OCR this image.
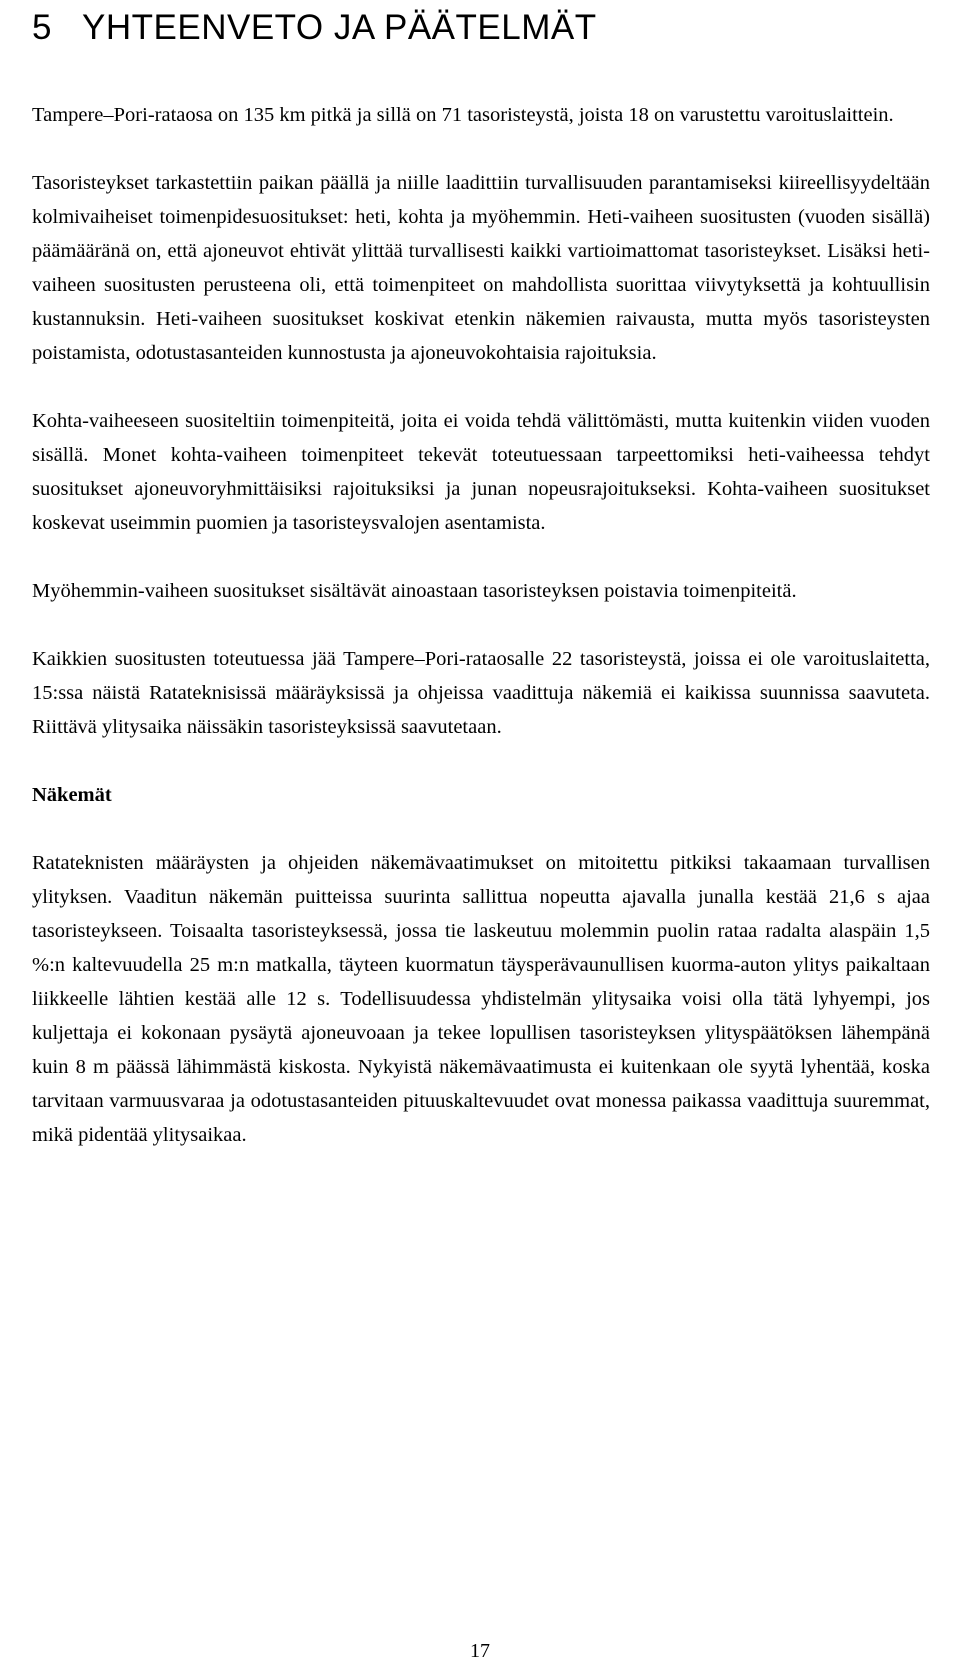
5   YHTEENVETO JA PÄÄTELMÄT

Tampere–Pori-rataosa on 135 km pitkä ja sillä on 71 tasoristeystä, joista 18 on varustettu varoituslaittein.

Tasoristeykset tarkastettiin paikan päällä ja niille laadittiin turvallisuuden parantamiseksi kiireellisyydeltään kolmivaiheiset toimenpidesuositukset: heti, kohta ja myöhemmin. Heti-vaiheen suositusten (vuoden sisällä) päämääränä on, että ajoneuvot ehtivät ylittää turvallisesti kaikki vartioimattomat tasoristeykset. Lisäksi heti-vaiheen suositusten perusteena oli, että toimenpiteet on mahdollista suorittaa viivytyksettä ja kohtuullisin kustannuksin. Heti-vaiheen suositukset koskivat etenkin näkemien raivausta, mutta myös tasoristeysten poistamista, odotustasanteiden kunnostusta ja ajoneuvokohtaisia rajoituksia.

Kohta-vaiheeseen suositeltiin toimenpiteitä, joita ei voida tehdä välittömästi, mutta kuitenkin viiden vuoden sisällä. Monet kohta-vaiheen toimenpiteet tekevät toteutuessaan tarpeettomiksi heti-vaiheessa tehdyt suositukset ajoneuvoryhmittäisiksi rajoituksiksi ja junan nopeusrajoitukseksi. Kohta-vaiheen suositukset koskevat useimmin puomien ja tasoristeysvalojen asentamista.

Myöhemmin-vaiheen suositukset sisältävät ainoastaan tasoristeyksen poistavia toimenpiteitä.

Kaikkien suositusten toteutuessa jää Tampere–Pori-rataosalle 22 tasoristeystä, joissa ei ole varoituslaitetta, 15:ssa näistä Ratateknisissä määräyksissä ja ohjeissa vaadittuja näkemiä ei kaikissa suunnissa saavuteta. Riittävä ylitysaika näissäkin tasoristeyksissä saavutetaan.

Näkemät

Ratateknisten määräysten ja ohjeiden näkemävaatimukset on mitoitettu pitkiksi takaamaan turvallisen ylityksen. Vaaditun näkemän puitteissa suurinta sallittua nopeutta ajavalla junalla kestää 21,6 s ajaa tasoristeykseen. Toisaalta tasoristeyksessä, jossa tie laskeutuu molemmin puolin rataa radalta alaspäin 1,5 %:n kaltevuudella 25 m:n matkalla, täyteen kuormatun täysperävaunullisen kuorma-auton ylitys paikaltaan liikkeelle lähtien kestää alle 12 s. Todellisuudessa yhdistelmän ylitysaika voisi olla tätä lyhyempi, jos kuljettaja ei kokonaan pysäytä ajoneuvoaan ja tekee lopullisen tasoristeyksen ylityspäätöksen lähempänä kuin 8 m päässä lähimmästä kiskosta. Nykyistä näkemävaatimusta ei kuitenkaan ole syytä lyhentää, koska tarvitaan varmuusvaraa ja odotustasanteiden pituuskaltevuudet ovat monessa paikassa vaadittuja suuremmat, mikä pidentää ylitysaikaa.

17
